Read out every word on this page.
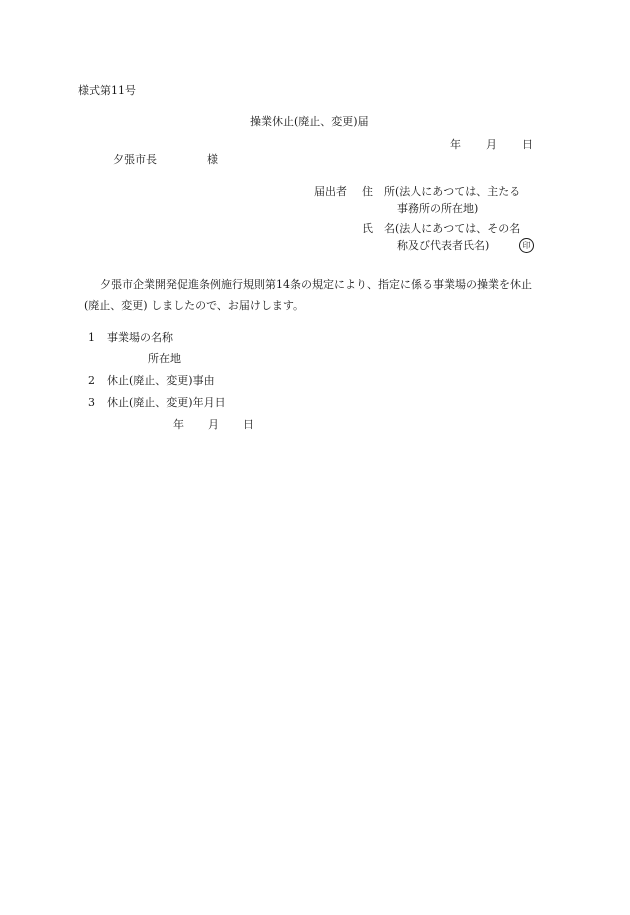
様式第11号
操業休止(廃止、変更)届
年 月 日
夕張市長	様
届出者 住　所 (法人にあつては、主たる
事務所の所在地)
氏　名 (法人にあつては、その名
称及び代表者氏名)	印
夕張市企業開発促進条例施行規則第14条の規定により、指定に係る事業場の操業を休止
(廃止、変更) しましたので、お届けします。
1 事業場の名称
所在地
2 休止(廃止、変更)事由
3 休止(廃止、変更)年月日
年 月 日
